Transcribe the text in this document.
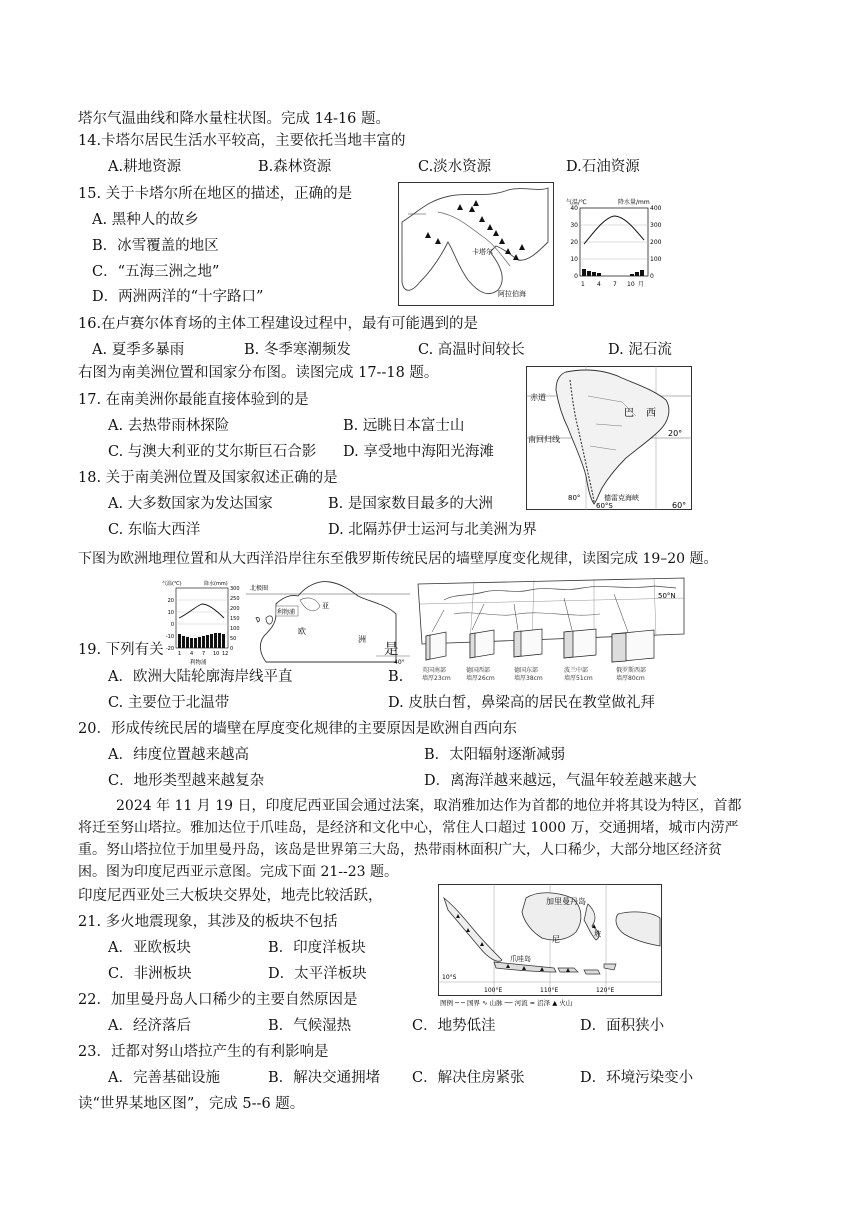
塔尔气温曲线和降水量柱状图。完成 14-16 题。
14.卡塔尔居民生活水平较高，主要依托当地丰富的
A.耕地资源	B.森林资源	C.淡水资源	D.石油资源
15. 关于卡塔尔所在地区的描述，正确的是
A. 黑种人的故乡
B．冰雪覆盖的地区
C．“五海三洲之地”
D．两洲两洋的“十字路口”
16.在卢赛尔体育场的主体工程建设过程中，最有可能遇到的是
A. 夏季多暴雨	B. 冬季寒潮频发	C. 高温时间较长	D. 泥石流
右图为南美洲位置和国家分布图。读图完成 17--18 题。
17. 在南美洲你最能直接体验到的是
A. 去热带雨林探险	B. 远眺日本富士山
C. 与澳大利亚的艾尔斯巨石合影 D. 享受地中海阳光海滩
18. 关于南美洲位置及国家叙述正确的是
A. 大多数国家为发达国家	B. 是国家数目最多的大洲
C. 东临大西洋	D. 北隔苏伊士运河与北美洲为界
下图为欧洲地理位置和从大西洋沿岸往东至俄罗斯传统民居的墙壁厚度变化规律，读图完成 19–20 题。
19. 下列有关	是
A．欧洲大陆轮廓海岸线平直	B.
C. 主要位于北温带	D. 皮肤白皙，鼻梁高的居民在教堂做礼拜
20．形成传统民居的墙壁在厚度变化规律的主要原因是欧洲自西向东
A．纬度位置越来越高	B．太阳辐射逐渐减弱
C．地形类型越来越复杂	D．离海洋越来越远，气温年较差越来越大
2024 年 11 月 19 日，印度尼西亚国会通过法案，取消雅加达作为首都的地位并将其设为特区，首都
将迁至努山塔拉。雅加达位于爪哇岛，是经济和文化中心，常住人口超过 1000 万，交通拥堵，城市内涝严
重。努山塔拉位于加里曼丹岛，该岛是世界第三大岛，热带雨林面积广大，人口稀少，大部分地区经济贫
困。图为印度尼西亚示意图。完成下面 21--23 题。
印度尼西亚处三大板块交界处，地壳比较活跃，
21. 多火地震现象，其涉及的板块不包括
A．亚欧板块	B．印度洋板块
C．非洲板块	D．太平洋板块
22．加里曼丹岛人口稀少的主要自然原因是
A．经济落后	B．气候湿热	C．地势低洼	D．面积狭小
23．迁都对努山塔拉产生的有利影响是
A．完善基础设施	B．解决交通拥堵 C．解决住房紧张	D．环境污染变小
读“世界某地区图”，完成 5--6 题。
卡塔尔
阿拉伯海
气温/℃	降水量/mm
40
30
20
10
0
400
300
200
100
0
1 4 7 10 月
赤道
巴 西
南回归线
20°
60°
80°
60°S
德雷克海峡
气温(℃)	降水(mm)
20
10
0
-10
-20
300
250
200
150
100
50
0
1 4 7 10 12
利物浦
北极圈
利物浦
亚
欧
洲
40°
50°N
英国南部
墙厚23cm
德国西部
墙厚26cm
德国东部
墙厚38cm
波兰中部
墙厚51cm
俄罗斯西部
墙厚80cm
加里曼丹岛
尼
坡
爪哇岛
10°S
100°E	110°E	120°E
图例 ─ ─ 国界 ∿ 山脉 ── 河流 ≈ 沼泽 ▲ 火山
